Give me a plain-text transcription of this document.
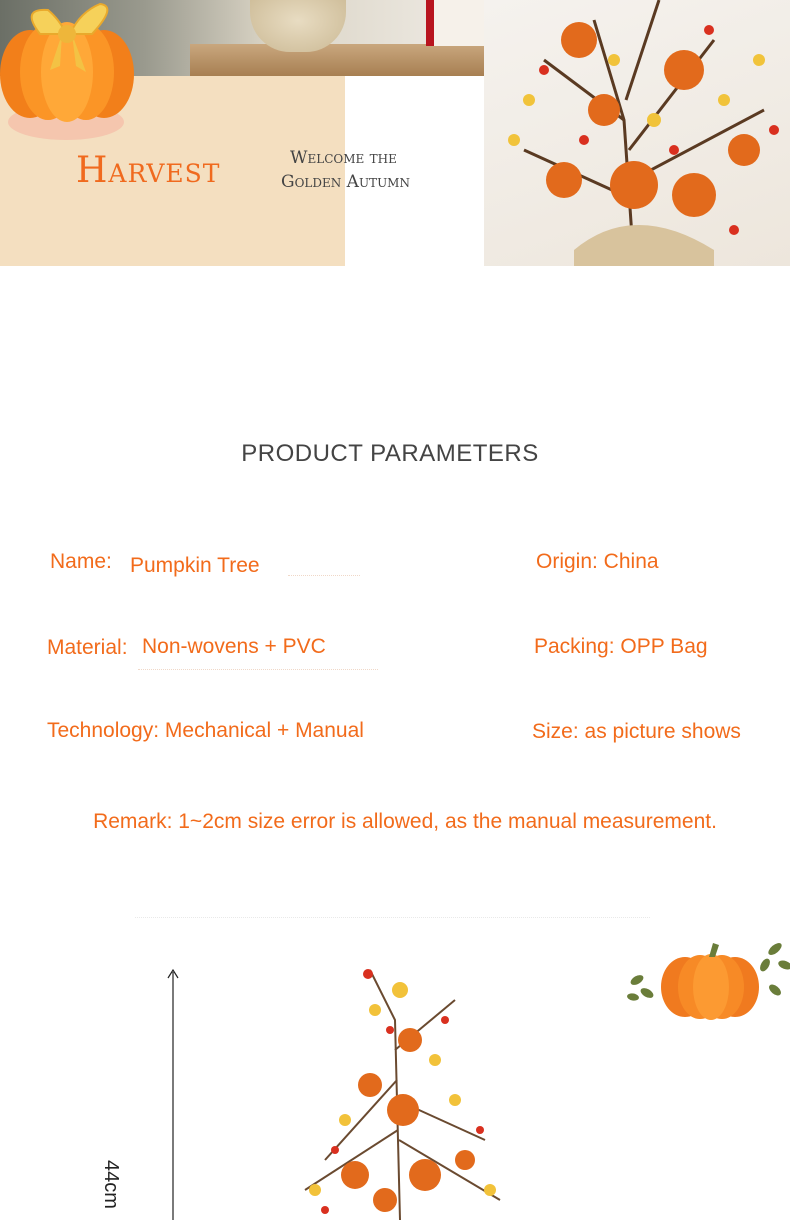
Harvest	Welcome the
Golden Autumn
PRODUCT PARAMETERS
Name: Pumpkin Tree	Origin: China
Material: Non-wovens + PVC	Packing: OPP Bag
Technology: Mechanical + Manual	Size: as picture shows
Remark: 1~2cm size error is allowed, as the manual measurement.
44cm
